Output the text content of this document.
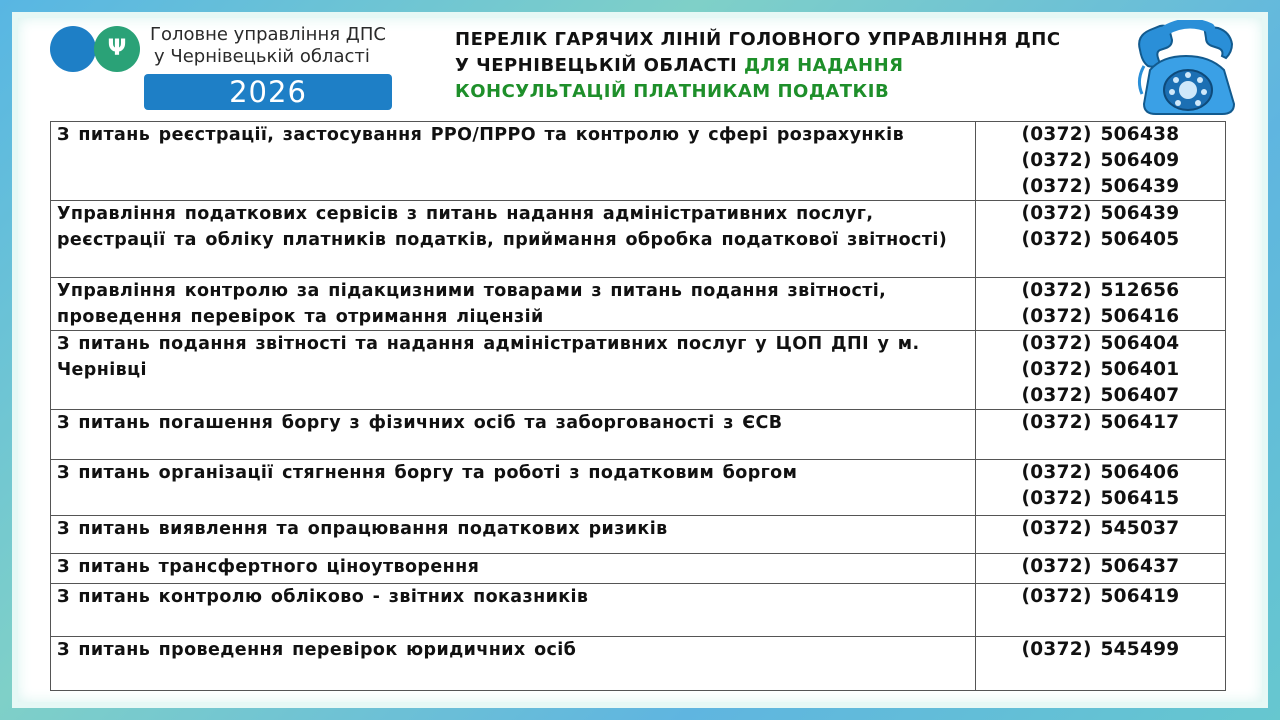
Ψ
Головне управління ДПС
у Чернівецькій області
2026
ПЕРЕЛІК ГАРЯЧИХ ЛІНІЙ ГОЛОВНОГО УПРАВЛІННЯ ДПС
У ЧЕРНІВЕЦЬКІЙ ОБЛАСТІ ДЛЯ НАДАННЯ
КОНСУЛЬТАЦІЙ ПЛАТНИКАМ ПОДАТКІВ
З питань реєстрації, застосування РРО/ПРРО та контролю у сфері розрахунків	(0372) 506438
(0372) 506409
(0372) 506439

Управління податкових сервісів з питань надання адміністративних послуг, реєстрації та обліку платників податків, приймання обробка податкової звітності)	(0372) 506439
(0372) 506405

Управління контролю за підакцизними товарами з питань подання звітності, проведення перевірок та отримання ліцензій	(0372) 512656
(0372) 506416

З питань подання звітності та надання адміністративних послуг у ЦОП ДПІ у м. Чернівці	(0372) 506404
(0372) 506401
(0372) 506407

З питань погашення боргу з фізичних осіб та заборгованості з ЄСВ	(0372) 506417

З питань організації стягнення боргу та роботі з податковим боргом	(0372) 506406
(0372) 506415

З питань виявлення та опрацювання податкових ризиків	(0372) 545037

З питань трансфертного ціноутворення	(0372) 506437

З питань контролю обліково - звітних показників	(0372) 506419

З питань проведення перевірок юридичних осіб	(0372) 545499
